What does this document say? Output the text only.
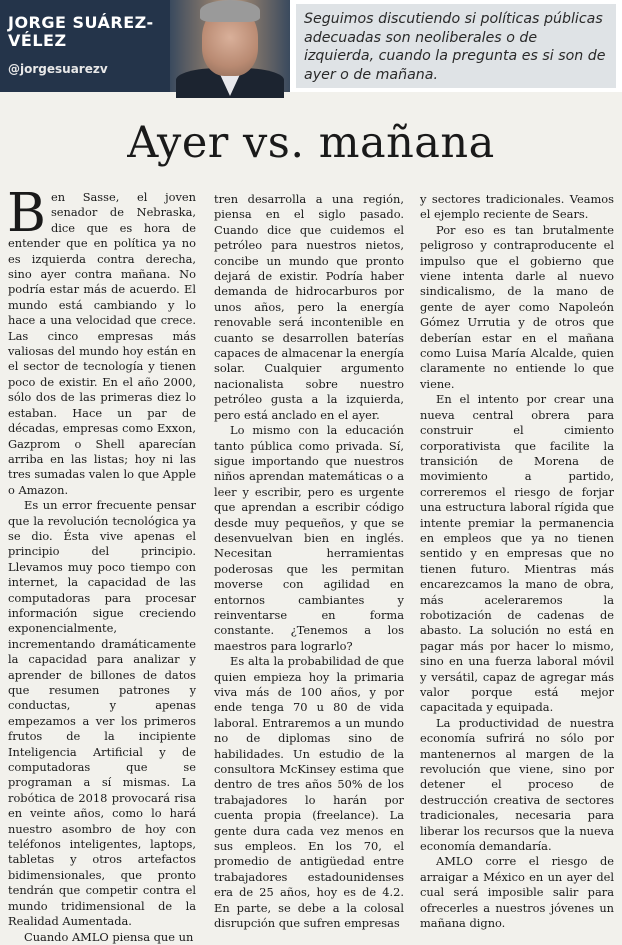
JORGE SUÁREZ-VÉLEZ
@jorgesuarezv
Seguimos discutiendo si políticas públicas adecuadas son neoliberales o de izquierda, cuando la pregunta es si son de ayer o de mañana.
Ayer vs. mañana

Ben Sasse, el joven senador de Nebraska, dice que es hora de entender que en política ya no es izquierda contra derecha, sino ayer contra mañana. No podría estar más de acuerdo. El mundo está cambiando y lo hace a una velocidad que crece. Las cinco empresas más valiosas del mundo hoy están en el sector de tecnología y tienen poco de existir. En el año 2000, sólo dos de las primeras diez lo estaban. Hace un par de décadas, empresas como Exxon, Gazprom o Shell aparecían arriba en las listas; hoy ni las tres sumadas valen lo que Apple o Amazon.

Es un error frecuente pensar que la revolución tecnológica ya se dio. Ésta vive apenas el principio del principio. Llevamos muy poco tiempo con internet, la capacidad de las computadoras para procesar información sigue creciendo exponencialmente, incrementando dramáticamente la capacidad para analizar y aprender de billones de datos que resumen patrones y conductas, y apenas empezamos a ver los primeros frutos de la incipiente Inteligencia Artificial y de computadoras que se programan a sí mismas. La robótica de 2018 provocará risa en veinte años, como lo hará nuestro asombro de hoy con teléfonos inteligentes, laptops, tabletas y otros artefactos bidimensionales, que pronto tendrán que competir contra el mundo tridimensional de la Realidad Aumentada.

Cuando AMLO piensa que un

tren desarrolla a una región, piensa en el siglo pasado. Cuando dice que cuidemos el petróleo para nuestros nietos, concibe un mundo que pronto dejará de existir. Podría haber demanda de hidrocarburos por unos años, pero la energía renovable será incontenible en cuanto se desarrollen baterías capaces de almacenar la energía solar. Cualquier argumento nacionalista sobre nuestro petróleo gusta a la izquierda, pero está anclado en el ayer.

Lo mismo con la educación tanto pública como privada. Sí, sigue importando que nuestros niños aprendan matemáticas o a leer y escribir, pero es urgente que aprendan a escribir código desde muy pequeños, y que se desenvuelvan bien en inglés. Necesitan herramientas poderosas que les permitan moverse con agilidad en entornos cambiantes y reinventarse en forma constante. ¿Tenemos a los maestros para lograrlo?

Es alta la probabilidad de que quien empieza hoy la primaria viva más de 100 años, y por ende tenga 70 u 80 de vida laboral. Entraremos a un mundo no de diplomas sino de habilidades. Un estudio de la consultora McKinsey estima que dentro de tres años 50% de los trabajadores lo harán por cuenta propia (freelance). La gente dura cada vez menos en sus empleos. En los 70, el promedio de antigüedad entre trabajadores estadounidenses era de 25 años, hoy es de 4.2. En parte, se debe a la colosal disrupción que sufren empresas

y sectores tradicionales. Veamos el ejemplo reciente de Sears.

Por eso es tan brutalmente peligroso y contraproducente el impulso que el gobierno que viene intenta darle al nuevo sindicalismo, de la mano de gente de ayer como Napoleón Gómez Urrutia y de otros que deberían estar en el mañana como Luisa María Alcalde, quien claramente no entiende lo que viene.

En el intento por crear una nueva central obrera para construir el cimiento corporativista que facilite la transición de Morena de movimiento a partido, correremos el riesgo de forjar una estructura laboral rígida que intente premiar la permanencia en empleos que ya no tienen sentido y en empresas que no tienen futuro. Mientras más encarezcamos la mano de obra, más aceleraremos la robotización de cadenas de abasto. La solución no está en pagar más por hacer lo mismo, sino en una fuerza laboral móvil y versátil, capaz de agregar más valor porque está mejor capacitada y equipada.

La productividad de nuestra economía sufrirá no sólo por mantenernos al margen de la revolución que viene, sino por detener el proceso de destrucción creativa de sectores tradicionales, necesaria para liberar los recursos que la nueva economía demandaría.

AMLO corre el riesgo de arraigar a México en un ayer del cual será imposible salir para ofrecerles a nuestros jóvenes un mañana digno.
